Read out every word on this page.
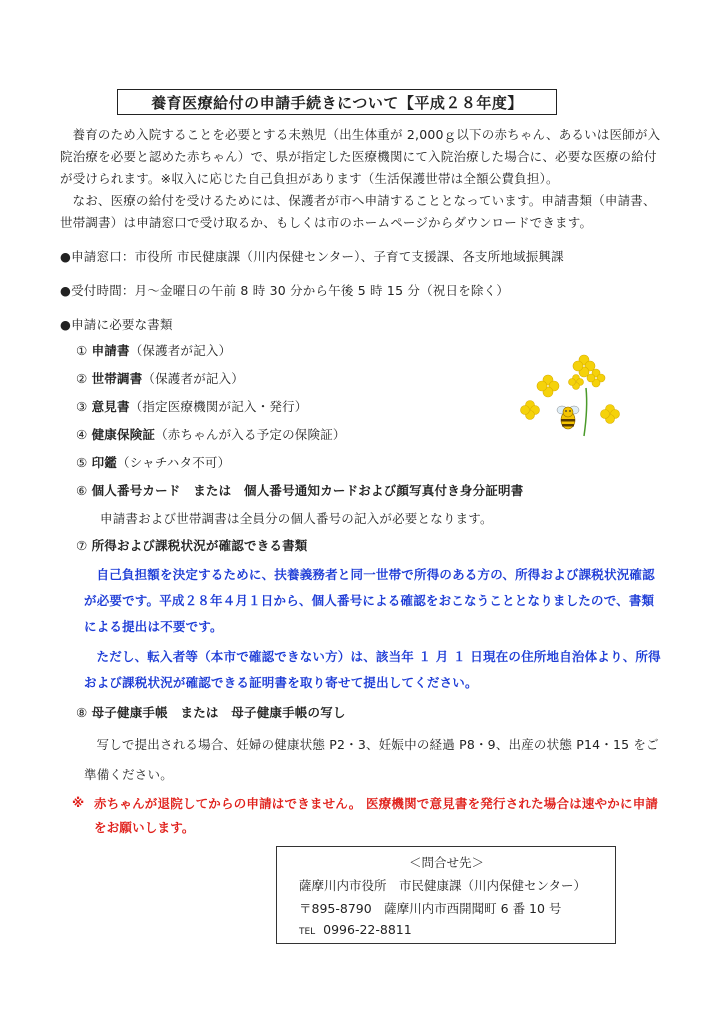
養育医療給付の申請手続きについて【平成２８年度】
養育のため入院することを必要とする未熟児（出生体重が 2,000ｇ以下の赤ちゃん、あるいは医師が入院治療を必要と認めた赤ちゃん）で、県が指定した医療機関にて入院治療した場合に、必要な医療の給付が受けられます。※収入に応じた自己負担があります（生活保護世帯は全額公費負担）。
なお、医療の給付を受けるためには、保護者が市へ申請することとなっています。申請書類（申請書、世帯調書）は申請窓口で受け取るか、もしくは市のホームページからダウンロードできます。
●申請窓口：市役所 市民健康課（川内保健センター）、子育て支援課、各支所地域振興課
●受付時間：月～金曜日の午前 8 時 30 分から午後 5 時 15 分（祝日を除く）
●申請に必要な書類
① 申請書（保護者が記入）
② 世帯調書（保護者が記入）
③ 意見書（指定医療機関が記入・発行）
④ 健康保険証（赤ちゃんが入る予定の保険証）
⑤ 印鑑（シャチハタ不可）
⑥ 個人番号カード　または　個人番号通知カードおよび顔写真付き身分証明書
申請書および世帯調書は全員分の個人番号の記入が必要となります。
⑦ 所得および課税状況が確認できる書類
自己負担額を決定するために、扶養義務者と同一世帯で所得のある方の、所得および課税状況確認が必要です。平成２８年４月１日から、個人番号による確認をおこなうこととなりましたので、書類による提出は不要です。
ただし、転入者等（本市で確認できない方）は、該当年 １ 月 １ 日現在の住所地自治体より、所得および課税状況が確認できる証明書を取り寄せて提出してください。
⑧ 母子健康手帳　または　母子健康手帳の写し
写しで提出される場合、妊婦の健康状態 P2・3、妊娠中の経過 P8・9、出産の状態 P14・15 をご準備ください。
※ 赤ちゃんが退院してからの申請はできません。 医療機関で意見書を発行された場合は速やかに申請をお願いします。
＜問合せ先＞
薩摩川内市役所　市民健康課（川内保健センター）
〒895-8790　薩摩川内市西開聞町 6 番 10 号
TEL 0996-22-8811
